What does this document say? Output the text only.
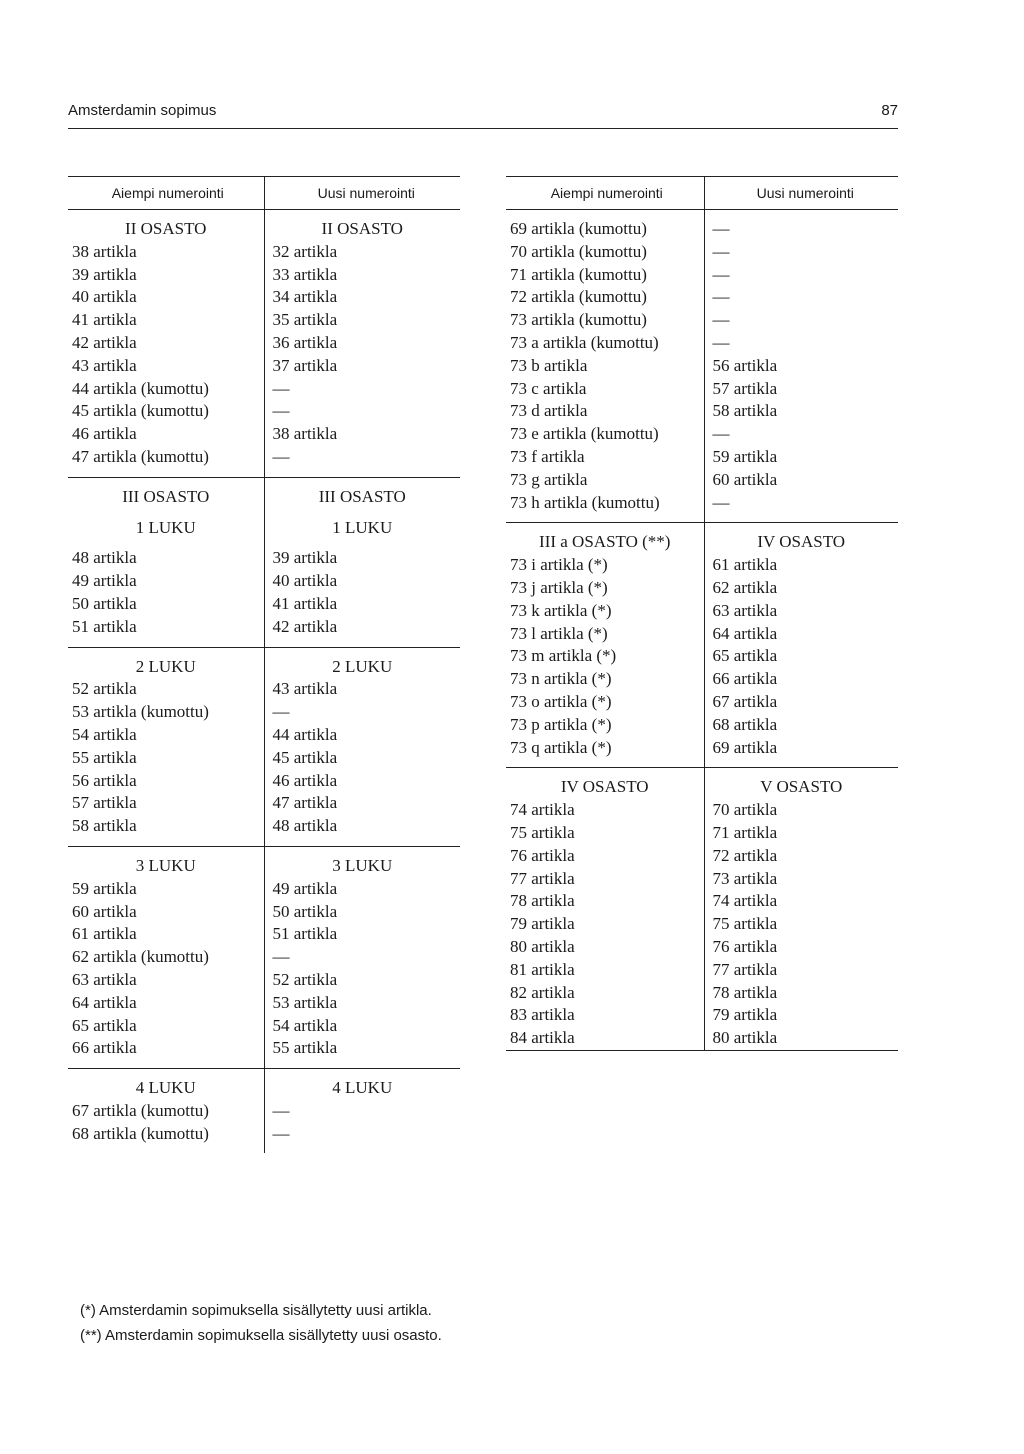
Amsterdamin sopimus	87
Aiempi numerointi	Uusi numerointi

II OSASTO	II OSASTO
38 artikla	32 artikla
39 artikla	33 artikla
40 artikla	34 artikla
41 artikla	35 artikla
42 artikla	36 artikla
43 artikla	37 artikla
44 artikla (kumottu)	—
45 artikla (kumottu)	—
46 artikla	38 artikla
47 artikla (kumottu)	—

III OSASTO	III OSASTO

1 LUKU	1 LUKU

48 artikla	39 artikla
49 artikla	40 artikla
50 artikla	41 artikla
51 artikla	42 artikla

2 LUKU	2 LUKU
52 artikla	43 artikla
53 artikla (kumottu)	—
54 artikla	44 artikla
55 artikla	45 artikla
56 artikla	46 artikla
57 artikla	47 artikla
58 artikla	48 artikla

3 LUKU	3 LUKU
59 artikla	49 artikla
60 artikla	50 artikla
61 artikla	51 artikla
62 artikla (kumottu)	—
63 artikla	52 artikla
64 artikla	53 artikla
65 artikla	54 artikla
66 artikla	55 artikla

4 LUKU	4 LUKU
67 artikla (kumottu)	—
68 artikla (kumottu)	—

Aiempi numerointi	Uusi numerointi

69 artikla (kumottu)	—
70 artikla (kumottu)	—
71 artikla (kumottu)	—
72 artikla (kumottu)	—
73 artikla (kumottu)	—
73 a artikla (kumottu)	—
73 b artikla	56 artikla
73 c artikla	57 artikla
73 d artikla	58 artikla
73 e artikla (kumottu)	—
73 f artikla	59 artikla
73 g artikla	60 artikla
73 h artikla (kumottu)	—

III a OSASTO (**)	IV OSASTO
73 i artikla (*)	61 artikla
73 j artikla (*)	62 artikla
73 k artikla (*)	63 artikla
73 l artikla (*)	64 artikla
73 m artikla (*)	65 artikla
73 n artikla (*)	66 artikla
73 o artikla (*)	67 artikla
73 p artikla (*)	68 artikla
73 q artikla (*)	69 artikla

IV OSASTO	V OSASTO
74 artikla	70 artikla
75 artikla	71 artikla
76 artikla	72 artikla
77 artikla	73 artikla
78 artikla	74 artikla
79 artikla	75 artikla
80 artikla	76 artikla
81 artikla	77 artikla
82 artikla	78 artikla
83 artikla	79 artikla
84 artikla	80 artikla
(*) Amsterdamin sopimuksella sisällytetty uusi artikla.
(**) Amsterdamin sopimuksella sisällytetty uusi osasto.
